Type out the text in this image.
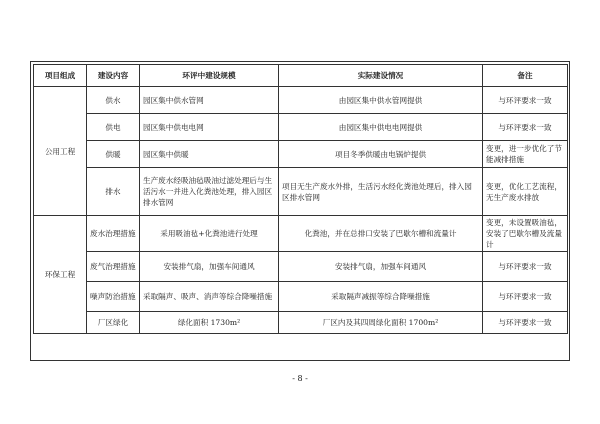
项目组成	建设内容	环评中建设规模	实际建设情况	备注
公用工程	供水	园区集中供水管网	由园区集中供水管网提供	与环评要求一致
	供电	园区集中供电电网	由园区集中供电电网提供	与环评要求一致
	供暖	园区集中供暖	项目冬季供暖由电锅炉提供	变更，进一步优化了节能减排措施
	排水	生产废水经吸油毡吸油过滤处理后与生活污水一并进入化粪池处理，排入园区排水管网	项目无生产废水外排，生活污水经化粪池处理后，排入园区排水管网	变更，优化工艺流程，无生产废水排放
环保工程	废水治理措施	采用吸油毡+化粪池进行处理	化粪池，并在总排口安装了巴歇尔槽和流量计	变更，未设置吸油毡，安装了巴歇尔槽及流量计
	废气治理措施	安装排气扇，加强车间通风	安装排气扇，加强车间通风	与环评要求一致
	噪声防治措施	采取隔声、吸声、消声等综合降噪措施	采取隔声减振等综合降噪措施	与环评要求一致
	厂区绿化	绿化面积 1730m²	厂区内及其四周绿化面积 1700m²	与环评要求一致
- 8 -
